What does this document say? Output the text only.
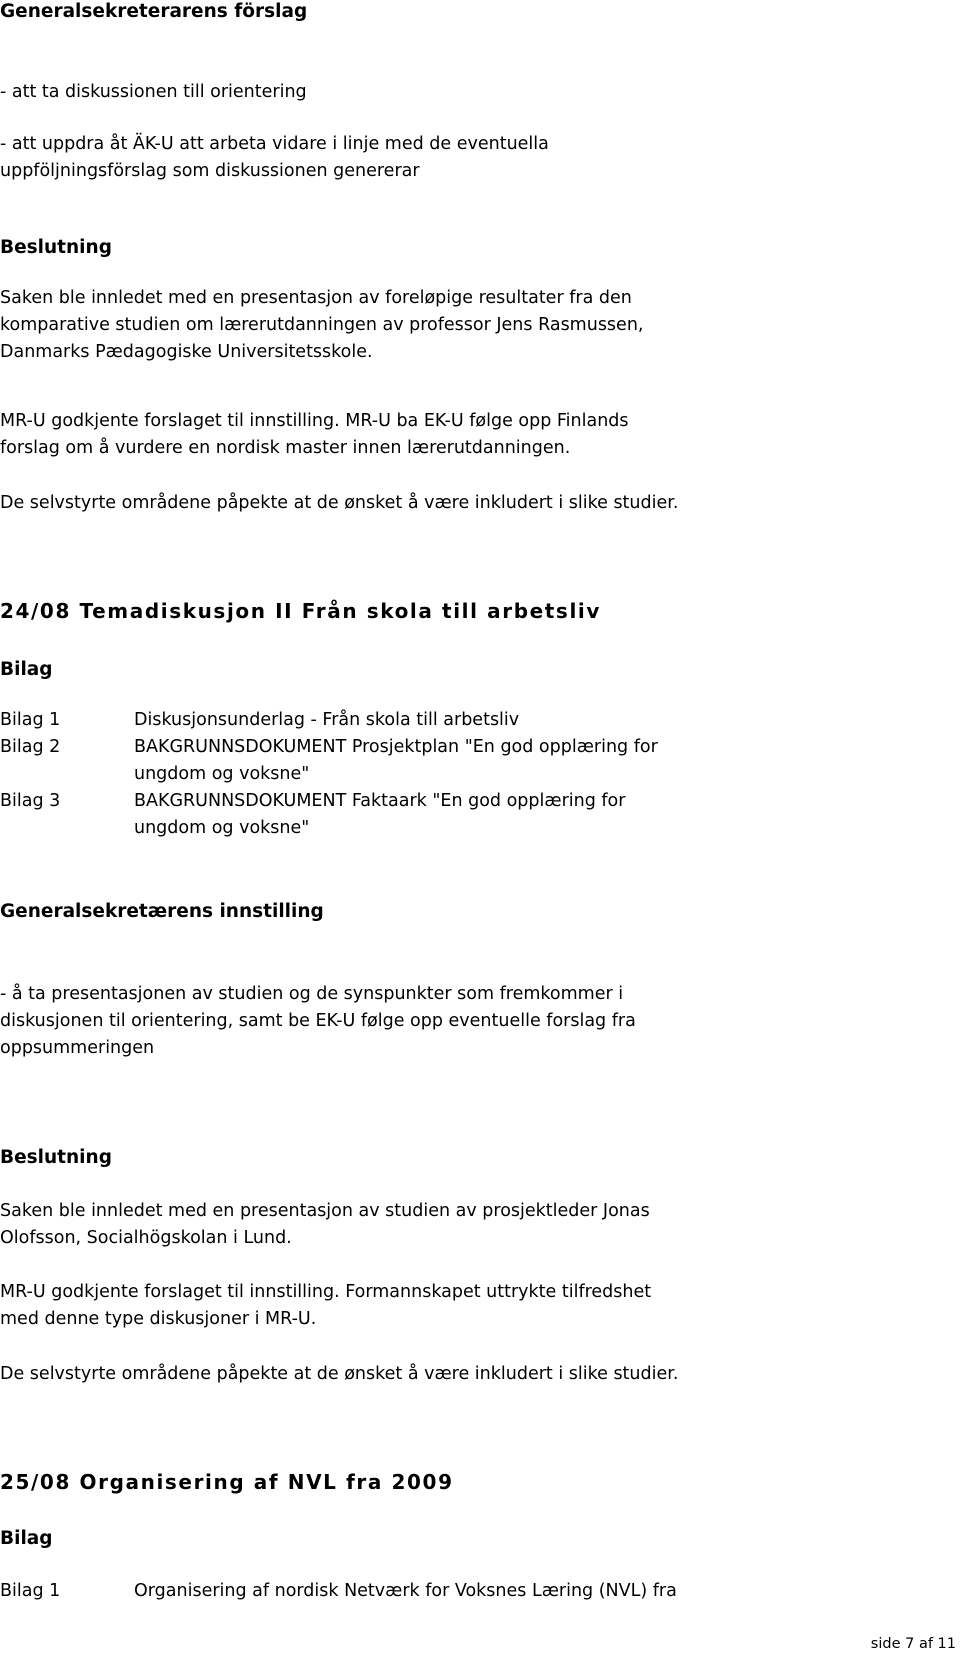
Generalsekreterarens förslag
- att ta diskussionen till orientering
- att uppdra åt ÄK-U att arbeta vidare i linje med de eventuella
uppföljningsförslag som diskussionen genererar
Beslutning
Saken ble innledet med en presentasjon av foreløpige resultater fra den
komparative studien om lærerutdanningen av professor Jens Rasmussen,
Danmarks Pædagogiske Universitetsskole.
MR-U godkjente forslaget til innstilling. MR-U ba EK-U følge opp Finlands
forslag om å vurdere en nordisk master innen lærerutdanningen.
De selvstyrte områdene påpekte at de ønsket å være inkludert i slike studier.
24/08 Temadiskusjon II Från skola till arbetsliv
Bilag
Bilag 1	Diskusjonsunderlag - Från skola till arbetsliv
Bilag 2	BAKGRUNNSDOKUMENT Prosjektplan "En god opplæring for
ungdom og voksne"
Bilag 3	BAKGRUNNSDOKUMENT Faktaark "En god opplæring for
ungdom og voksne"
Generalsekretærens innstilling
- å ta presentasjonen av studien og de synspunkter som fremkommer i
diskusjonen til orientering, samt be EK-U følge opp eventuelle forslag fra
oppsummeringen
Beslutning
Saken ble innledet med en presentasjon av studien av prosjektleder Jonas
Olofsson, Socialhögskolan i Lund.
MR-U godkjente forslaget til innstilling. Formannskapet uttrykte tilfredshet
med denne type diskusjoner i MR-U.
De selvstyrte områdene påpekte at de ønsket å være inkludert i slike studier.
25/08 Organisering af NVL fra 2009
Bilag
Bilag 1	Organisering af nordisk Netværk for Voksnes Læring (NVL) fra
side 7 af 11
